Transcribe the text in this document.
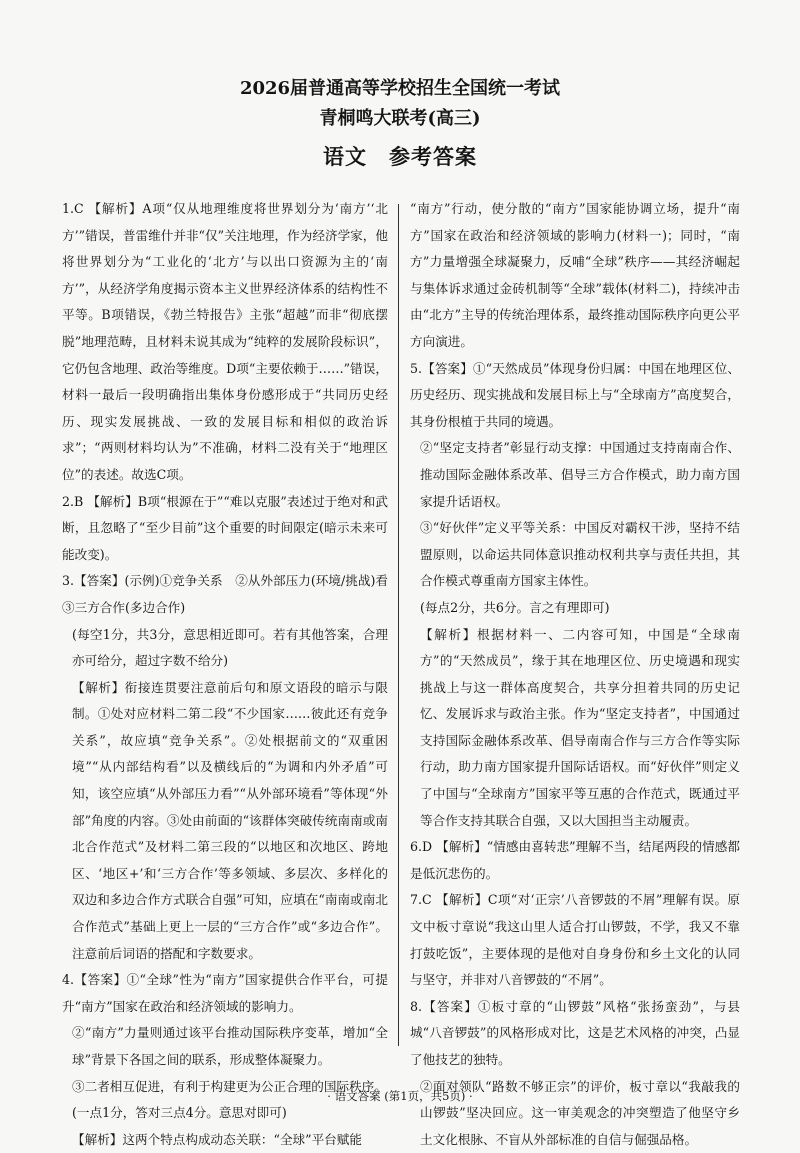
2026届普通高等学校招生全国统一考试
青桐鸣大联考(高三)
语文　参考答案

1.C 【解析】A项“仅从地理维度将世界划分为‘南方’‘北方’”错误，普雷维什并非“仅”关注地理，作为经济学家，他将世界划分为“工业化的‘北方’与以出口资源为主的‘南方’”，从经济学角度揭示资本主义世界经济体系的结构性不平等。B项错误，《勃兰特报告》主张“超越”而非“彻底摆脱”地理范畴，且材料未说其成为“纯粹的发展阶段标识”，它仍包含地理、政治等维度。D项“主要依赖于……”错误，材料一最后一段明确指出集体身份感形成于“共同历史经历、现实发展挑战、一致的发展目标和相似的政治诉求”；“两则材料均认为”不准确，材料二没有关于“地理区位”的表述。故选C项。

2.B 【解析】B项“根源在于”“难以克服”表述过于绝对和武断，且忽略了“至少目前”这个重要的时间限定(暗示未来可能改变)。

3.【答案】(示例)①竞争关系　②从外部压力(环境/挑战)看　③三方合作(多边合作)

(每空1分，共3分，意思相近即可。若有其他答案，合理亦可给分，超过字数不给分)

【解析】衔接连贯要注意前后句和原文语段的暗示与限制。①处对应材料二第二段“不少国家……彼此还有竞争关系”，故应填“竞争关系”。②处根据前文的“双重困境”“从内部结构看”以及横线后的“为调和内外矛盾”可知，该空应填“从外部压力看”“从外部环境看”等体现“外部”角度的内容。③处由前面的“该群体突破传统南南或南北合作范式”及材料二第三段的“以地区和次地区、跨地区、‘地区+’和‘三方合作’等多领域、多层次、多样化的双边和多边合作方式联合自强”可知，应填在“南南或南北合作范式”基础上更上一层的“三方合作”或“多边合作”。注意前后词语的搭配和字数要求。

4.【答案】①“全球”性为“南方”国家提供合作平台，可提升“南方”国家在政治和经济领域的影响力。

②“南方”力量则通过该平台推动国际秩序变革，增加“全球”背景下各国之间的联系，形成整体凝聚力。

③二者相互促进，有利于构建更为公正合理的国际秩序。

(一点1分，答对三点4分。意思对即可)

【解析】这两个特点构成动态关联：“全球”平台赋能

“南方”行动，使分散的“南方”国家能协调立场，提升“南方”国家在政治和经济领域的影响力(材料一)；同时，“南方”力量增强全球凝聚力，反哺“全球”秩序——其经济崛起与集体诉求通过金砖机制等“全球”载体(材料二)，持续冲击由“北方”主导的传统治理体系，最终推动国际秩序向更公平方向演进。

5.【答案】①“天然成员”体现身份归属：中国在地理区位、历史经历、现实挑战和发展目标上与“全球南方”高度契合，其身份根植于共同的境遇。

②“坚定支持者”彰显行动支撑：中国通过支持南南合作、推动国际金融体系改革、倡导三方合作模式，助力南方国家提升话语权。

③“好伙伴”定义平等关系：中国反对霸权干涉，坚持不结盟原则，以命运共同体意识推动权利共享与责任共担，其合作模式尊重南方国家主体性。

(每点2分，共6分。言之有理即可)

【解析】根据材料一、二内容可知，中国是“全球南方”的“天然成员”，缘于其在地理区位、历史境遇和现实挑战上与这一群体高度契合，共享分担着共同的历史记忆、发展诉求与政治主张。作为“坚定支持者”，中国通过支持国际金融体系改革、倡导南南合作与三方合作等实际行动，助力南方国家提升国际话语权。而“好伙伴”则定义了中国与“全球南方”国家平等互惠的合作范式，既通过平等合作支持其联合自强，又以大国担当主动履责。

6.D 【解析】“情感由喜转悲”理解不当，结尾两段的情感都是低沉悲伤的。

7.C 【解析】C项“对‘正宗’八音锣鼓的不屑”理解有误。原文中板寸章说“我这山里人适合打山锣鼓，不学，我又不靠打鼓吃饭”，主要体现的是他对自身身份和乡土文化的认同与坚守，并非对八音锣鼓的“不屑”。

8.【答案】①板寸章的“山锣鼓”风格“张扬蛮劲”，与县城“八音锣鼓”的风格形成对比，这是艺术风格的冲突，凸显了他技艺的独特。

②面对领队“路数不够正宗”的评价，板寸章以“我敲我的山锣鼓”坚决回应。这一审美观念的冲突塑造了他坚守乡土文化根脉、不盲从外部标准的自信与倔强品格。

· 语文答案 (第1页，共5页) ·
